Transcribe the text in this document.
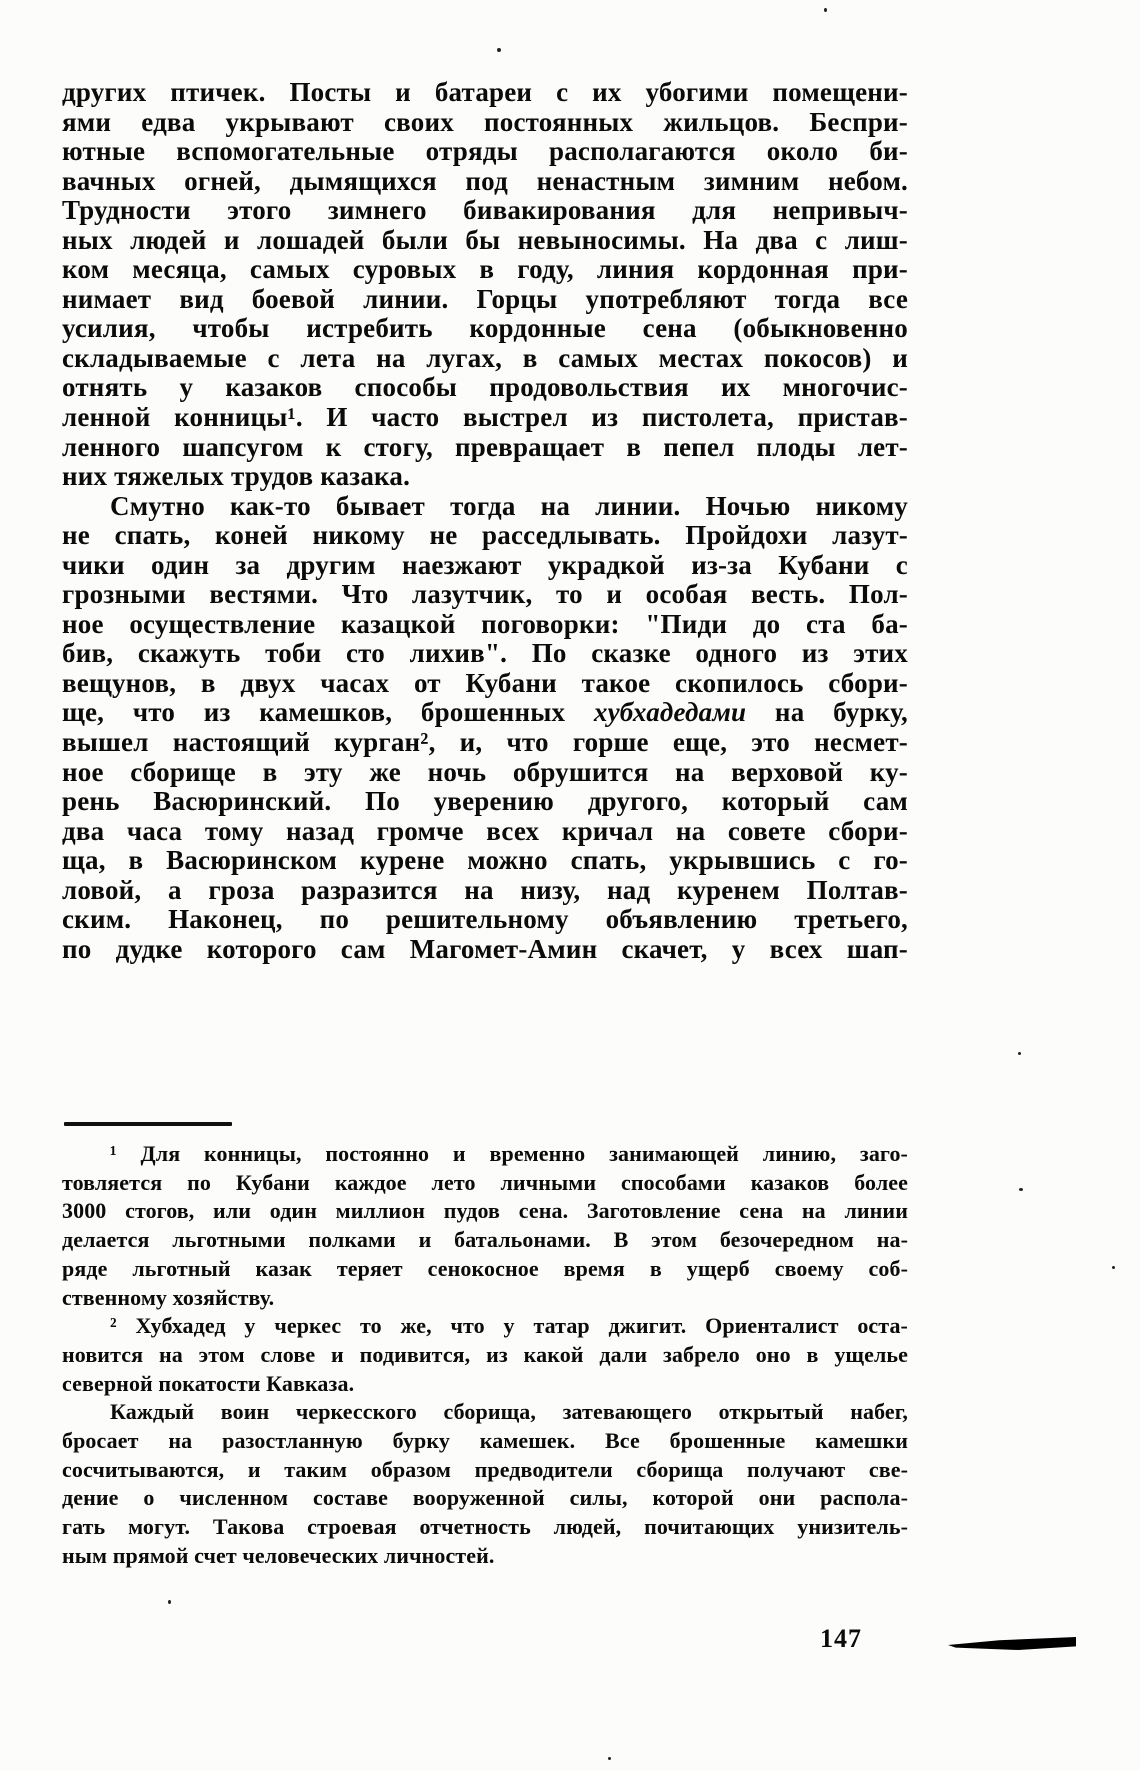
других птичек. Посты и батареи с их убогими помещени-
ями едва укрывают своих постоянных жильцов. Беспри-
ютные вспомогательные отряды располагаются около би-
вачных огней, дымящихся под ненастным зимним небом.
Трудности этого зимнего бивакирования для непривыч-
ных людей и лошадей были бы невыносимы. На два с лиш-
ком месяца, самых суровых в году, линия кордонная при-
нимает вид боевой линии. Горцы употребляют тогда все
усилия, чтобы истребить кордонные сена (обыкновенно
складываемые с лета на лугах, в самых местах покосов) и
отнять у казаков способы продовольствия их многочис-
ленной конницы¹. И часто выстрел из пистолета, пристав-
ленного шапсугом к стогу, превращает в пепел плоды лет-
них тяжелых трудов казака.
Смутно как-то бывает тогда на линии. Ночью никому
не спать, коней никому не расседлывать. Пройдохи лазут-
чики один за другим наезжают украдкой из-за Кубани с
грозными вестями. Что лазутчик, то и особая весть. Пол-
ное осуществление казацкой поговорки: "Пиди до ста ба-
бив, скажуть тоби сто лихив". По сказке одного из этих
вещунов, в двух часах от Кубани такое скопилось сбори-
ще, что из камешков, брошенных хубхадедами на бурку,
вышел настоящий курган², и, что горше еще, это несмет-
ное сборище в эту же ночь обрушится на верховой ку-
рень Васюринский. По уверению другого, который сам
два часа тому назад громче всех кричал на совете сбори-
ща, в Васюринском курене можно спать, укрывшись с го-
ловой, а гроза разразится на низу, над куренем Полтав-
ским. Наконец, по решительному объявлению третьего,
по дудке которого сам Магомет-Амин скачет, у всех шап-
¹ Для конницы, постоянно и временно занимающей линию, заго-
товляется по Кубани каждое лето личными способами казаков более
3000 стогов, или один миллион пудов сена. Заготовление сена на линии
делается льготными полками и батальонами. В этом безочередном на-
ряде льготный казак теряет сенокосное время в ущерб своему соб-
ственному хозяйству.
² Хубхадед у черкес то же, что у татар джигит. Ориенталист оста-
новится на этом слове и подивится, из какой дали забрело оно в ущелье
северной покатости Кавказа.
Каждый воин черкесского сборища, затевающего открытый набег,
бросает на разостланную бурку камешек. Все брошенные камешки
сосчитываются, и таким образом предводители сборища получают све-
дение о численном составе вооруженной силы, которой они распола-
гать могут. Такова строевая отчетность людей, почитающих унизитель-
ным прямой счет человеческих личностей.
147
